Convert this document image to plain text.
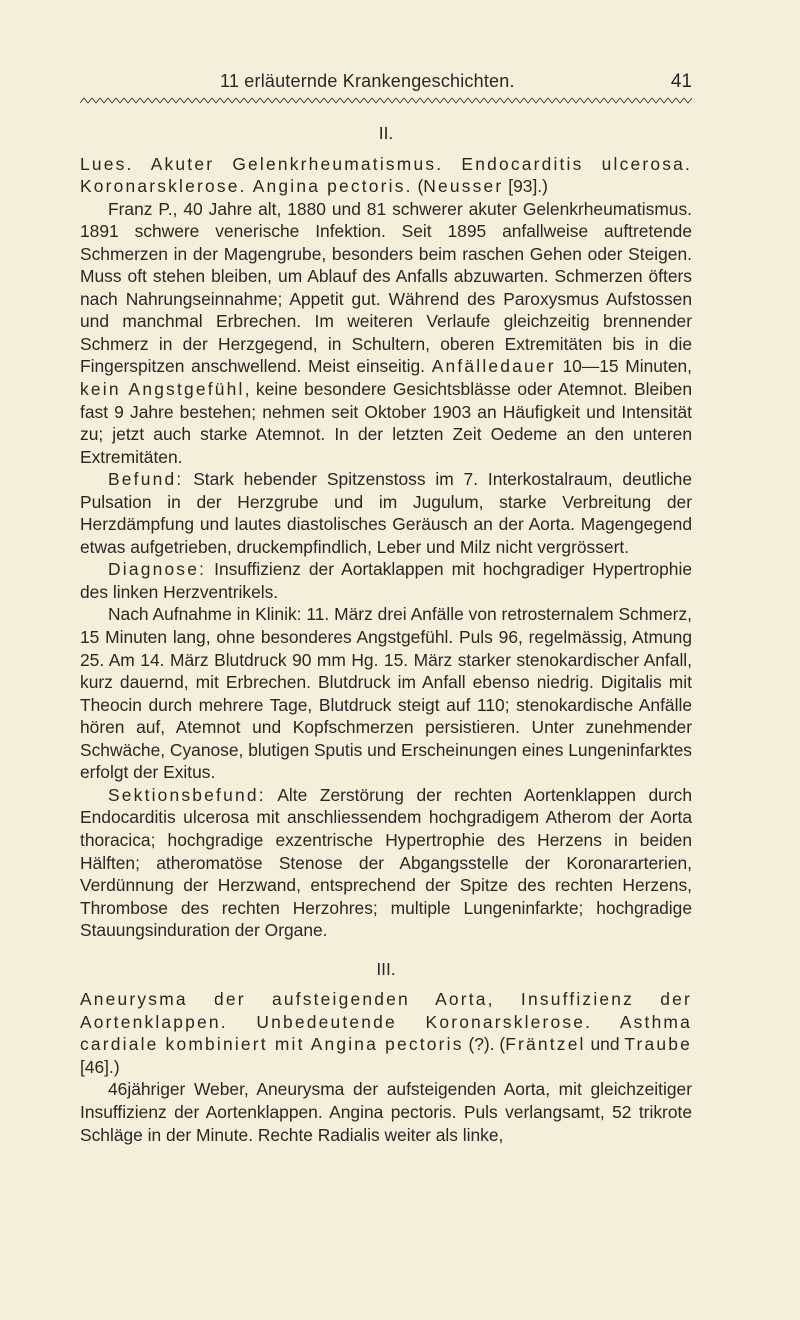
11 erläuternde Krankengeschichten.	41
II.

Lues. Akuter Gelenkrheumatismus. Endocarditis ulcerosa. Koronarsklerose. Angina pectoris. (Neusser [93].)

Franz P., 40 Jahre alt, 1880 und 81 schwerer akuter Gelenkrheumatismus. 1891 schwere venerische Infektion. Seit 1895 anfallweise auftretende Schmerzen in der Magengrube, besonders beim raschen Gehen oder Steigen. Muss oft stehen bleiben, um Ablauf des Anfalls abzuwarten. Schmerzen öfters nach Nahrungseinnahme; Appetit gut. Während des Paroxysmus Aufstossen und manchmal Erbrechen. Im weiteren Verlaufe gleichzeitig brennender Schmerz in der Herzgegend, in Schultern, oberen Extremitäten bis in die Fingerspitzen anschwellend. Meist einseitig. Anfälledauer 10—15 Minuten, kein Angstgefühl, keine besondere Gesichtsblässe oder Atemnot. Bleiben fast 9 Jahre bestehen; nehmen seit Oktober 1903 an Häufigkeit und Intensität zu; jetzt auch starke Atemnot. In der letzten Zeit Oedeme an den unteren Extremitäten.

Befund: Stark hebender Spitzenstoss im 7. Interkostalraum, deutliche Pulsation in der Herzgrube und im Jugulum, starke Verbreitung der Herzdämpfung und lautes diastolisches Geräusch an der Aorta. Magengegend etwas aufgetrieben, druckempfindlich, Leber und Milz nicht vergrössert.

Diagnose: Insuffizienz der Aortaklappen mit hochgradiger Hypertrophie des linken Herzventrikels.

Nach Aufnahme in Klinik: 11. März drei Anfälle von retrosternalem Schmerz, 15 Minuten lang, ohne besonderes Angstgefühl. Puls 96, regelmässig, Atmung 25. Am 14. März Blutdruck 90 mm Hg. 15. März starker stenokardischer Anfall, kurz dauernd, mit Erbrechen. Blutdruck im Anfall ebenso niedrig. Digitalis mit Theocin durch mehrere Tage, Blutdruck steigt auf 110; stenokardische Anfälle hören auf, Atemnot und Kopfschmerzen persistieren. Unter zunehmender Schwäche, Cyanose, blutigen Sputis und Erscheinungen eines Lungeninfarktes erfolgt der Exitus.

Sektionsbefund: Alte Zerstörung der rechten Aortenklappen durch Endocarditis ulcerosa mit anschliessendem hochgradigem Atherom der Aorta thoracica; hochgradige exzentrische Hypertrophie des Herzens in beiden Hälften; atheromatöse Stenose der Abgangsstelle der Koronararterien, Verdünnung der Herzwand, entsprechend der Spitze des rechten Herzens, Thrombose des rechten Herzohres; multiple Lungeninfarkte; hochgradige Stauungsinduration der Organe.

III.

Aneurysma der aufsteigenden Aorta, Insuffizienz der Aortenklappen. Unbedeutende Koronarsklerose. Asthma cardiale kombiniert mit Angina pectoris (?). (Fräntzel und Traube [46].)

46jähriger Weber, Aneurysma der aufsteigenden Aorta, mit gleichzeitiger Insuffizienz der Aortenklappen. Angina pectoris. Puls verlangsamt, 52 trikrote Schläge in der Minute. Rechte Radialis weiter als linke,
